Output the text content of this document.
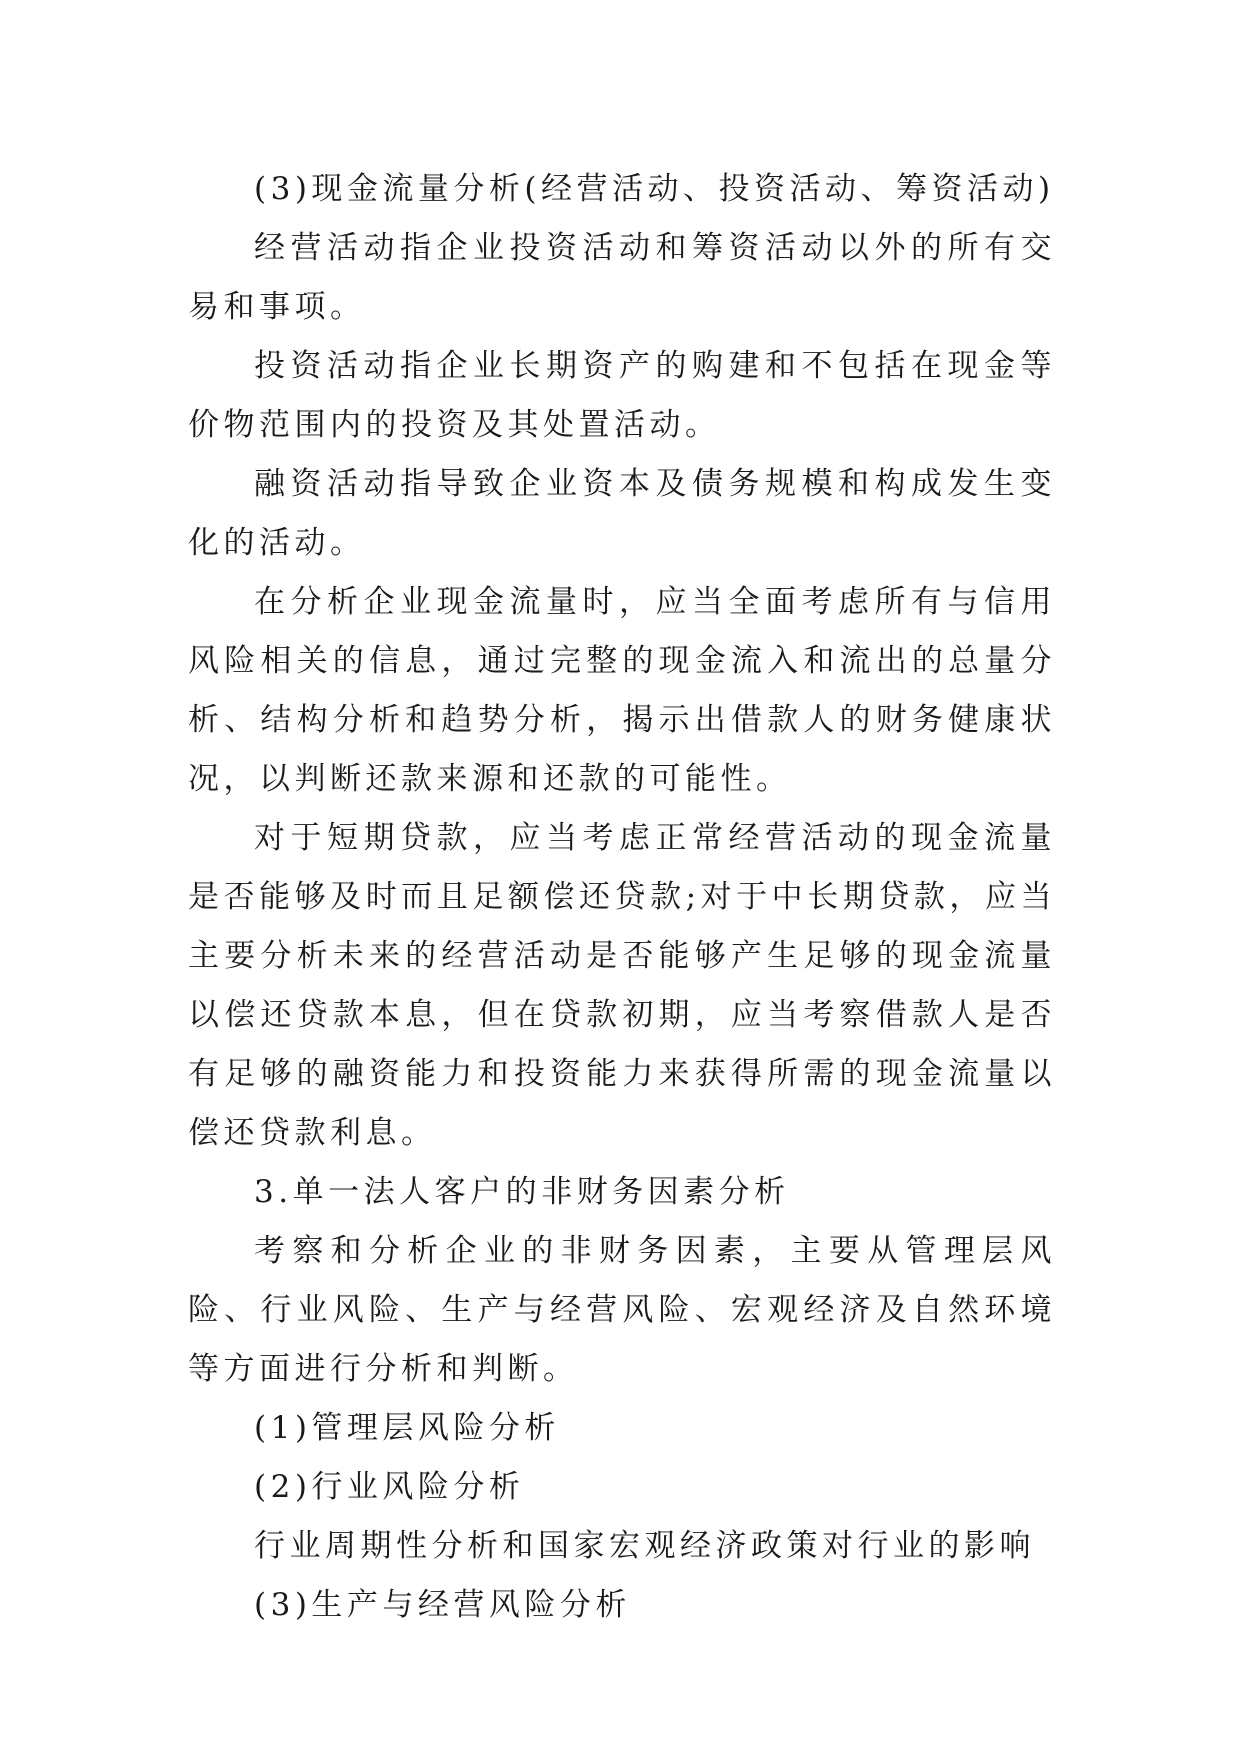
(3)现金流量分析(经营活动、投资活动、筹资活动)

经营活动指企业投资活动和筹资活动以外的所有交易和事项。

投资活动指企业长期资产的购建和不包括在现金等价物范围内的投资及其处置活动。

融资活动指导致企业资本及债务规模和构成发生变化的活动。

在分析企业现金流量时，应当全面考虑所有与信用风险相关的信息，通过完整的现金流入和流出的总量分析、结构分析和趋势分析，揭示出借款人的财务健康状况，以判断还款来源和还款的可能性。

对于短期贷款，应当考虑正常经营活动的现金流量是否能够及时而且足额偿还贷款;对于中长期贷款，应当主要分析未来的经营活动是否能够产生足够的现金流量以偿还贷款本息，但在贷款初期，应当考察借款人是否有足够的融资能力和投资能力来获得所需的现金流量以偿还贷款利息。

3.单一法人客户的非财务因素分析

考察和分析企业的非财务因素，主要从管理层风险、行业风险、生产与经营风险、宏观经济及自然环境等方面进行分析和判断。

(1)管理层风险分析

(2)行业风险分析

行业周期性分析和国家宏观经济政策对行业的影响

(3)生产与经营风险分析
